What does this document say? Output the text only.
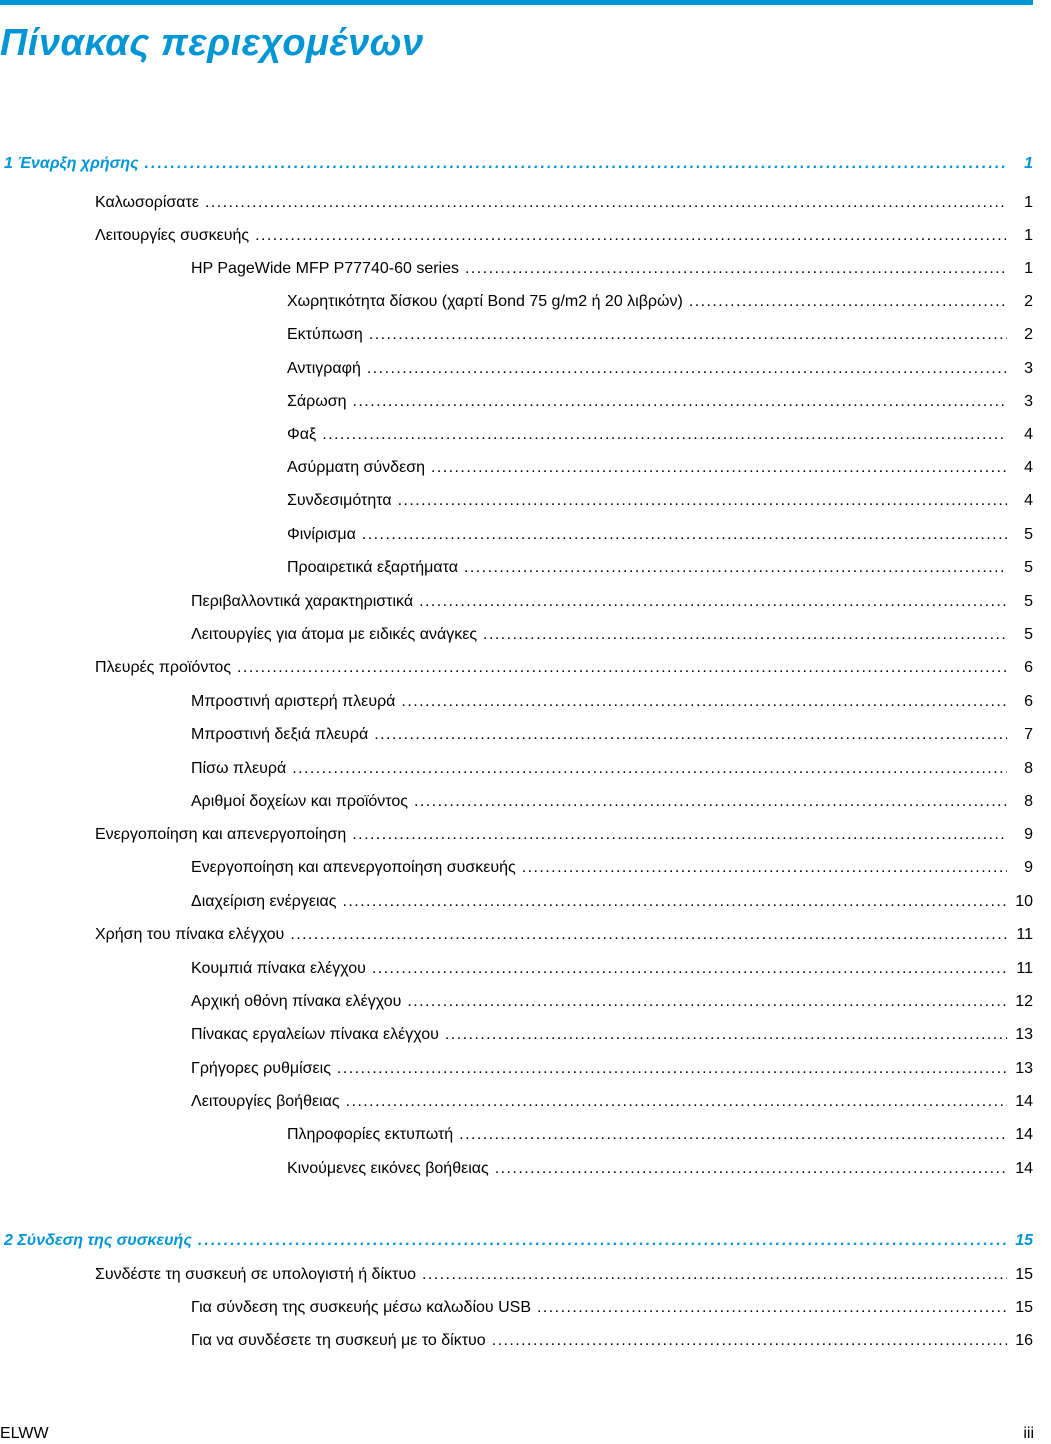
Πίνακας περιεχομένων
1 Έναρξη χρήσης . . .	1
Καλωσορίσατε . . .	1
Λειτουργίες συσκευής . . .	1
HP PageWide MFP P77740-60 series . . .	1
Χωρητικότητα δίσκου (χαρτί Bond 75 g/m2 ή 20 λιβρών) . . .	2
Εκτύπωση . . .	2
Αντιγραφή . . .	3
Σάρωση . . .	3
Φαξ . . .	4
Ασύρματη σύνδεση . . .	4
Συνδεσιμότητα . . .	4
Φινίρισμα . . .	5
Προαιρετικά εξαρτήματα . . .	5
Περιβαλλοντικά χαρακτηριστικά . . .	5
Λειτουργίες για άτομα με ειδικές ανάγκες . . .	5
Πλευρές προϊόντος . . .	6
Μπροστινή αριστερή πλευρά . . .	6
Μπροστινή δεξιά πλευρά . . .	7
Πίσω πλευρά . . .	8
Αριθμοί δοχείων και προϊόντος . . .	8
Ενεργοποίηση και απενεργοποίηση . . .	9
Ενεργοποίηση και απενεργοποίηση συσκευής . . .	9
Διαχείριση ενέργειας . . .	10
Χρήση του πίνακα ελέγχου . . .	11
Κουμπιά πίνακα ελέγχου . . .	11
Αρχική οθόνη πίνακα ελέγχου . . .	12
Πίνακας εργαλείων πίνακα ελέγχου . . .	13
Γρήγορες ρυθμίσεις . . .	13
Λειτουργίες βοήθειας . . .	14
Πληροφορίες εκτυπωτή . . .	14
Κινούμενες εικόνες βοήθειας . . .	14
2 Σύνδεση της συσκευής . . .	15
Συνδέστε τη συσκευή σε υπολογιστή ή δίκτυο . . .	15
Για σύνδεση της συσκευής μέσω καλωδίου USB . . .	15
Για να συνδέσετε τη συσκευή με το δίκτυο . . .	16
ELWW	iii
